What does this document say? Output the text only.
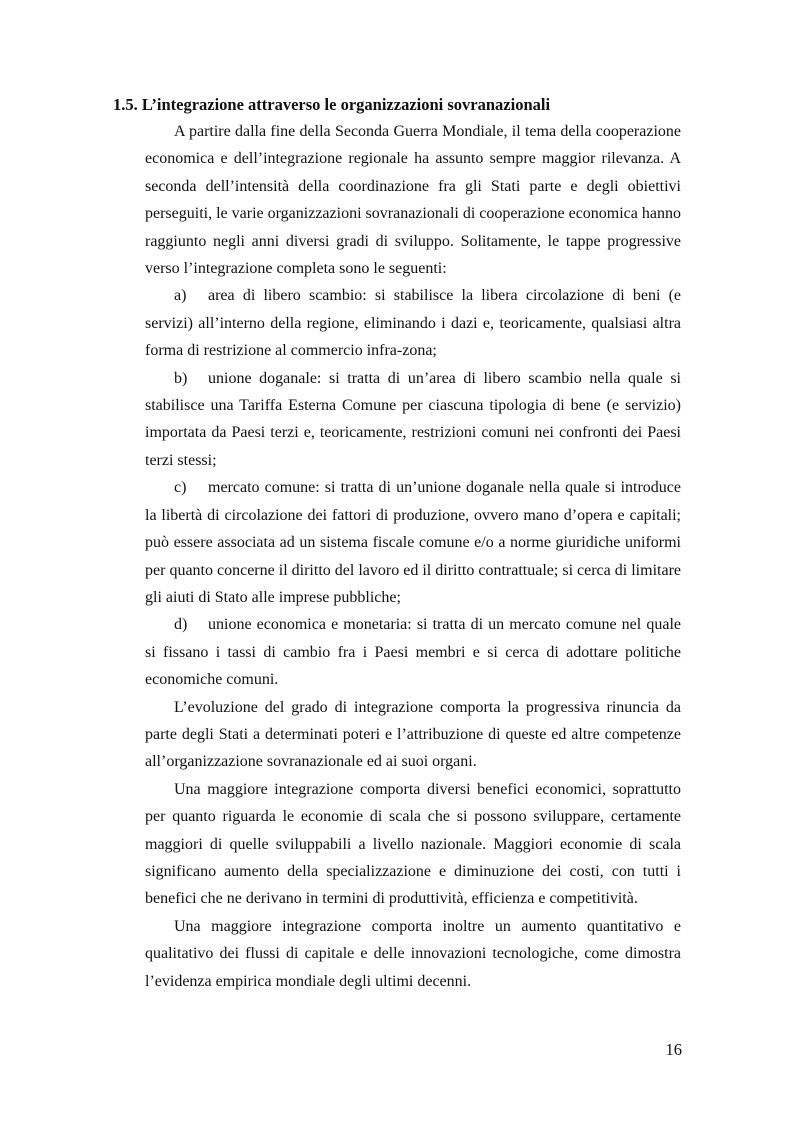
1.5. L’integrazione attraverso le organizzazioni sovranazionali

A partire dalla fine della Seconda Guerra Mondiale, il tema della cooperazione economica e dell’integrazione regionale ha assunto sempre maggior rilevanza. A seconda dell’intensità della coordinazione fra gli Stati parte e degli obiettivi perseguiti, le varie organizzazioni sovranazionali di cooperazione economica hanno raggiunto negli anni diversi gradi di sviluppo. Solitamente, le tappe progressive verso l’integrazione completa sono le seguenti:

a) area di libero scambio: si stabilisce la libera circolazione di beni (e servizi) all’interno della regione, eliminando i dazi e, teoricamente, qualsiasi altra forma di restrizione al commercio infra-zona;

b) unione doganale: si tratta di un’area di libero scambio nella quale si stabilisce una Tariffa Esterna Comune per ciascuna tipologia di bene (e servizio) importata da Paesi terzi e, teoricamente, restrizioni comuni nei confronti dei Paesi terzi stessi;

c) mercato comune: si tratta di un’unione doganale nella quale si introduce la libertà di circolazione dei fattori di produzione, ovvero mano d’opera e capitali; può essere associata ad un sistema fiscale comune e/o a norme giuridiche uniformi per quanto concerne il diritto del lavoro ed il diritto contrattuale; si cerca di limitare gli aiuti di Stato alle imprese pubbliche;

d) unione economica e monetaria: si tratta di un mercato comune nel quale si fissano i tassi di cambio fra i Paesi membri e si cerca di adottare politiche economiche comuni.

L’evoluzione del grado di integrazione comporta la progressiva rinuncia da parte degli Stati a determinati poteri e l’attribuzione di queste ed altre competenze all’organizzazione sovranazionale ed ai suoi organi.

Una maggiore integrazione comporta diversi benefici economici, soprattutto per quanto riguarda le economie di scala che si possono sviluppare, certamente maggiori di quelle sviluppabili a livello nazionale. Maggiori economie di scala significano aumento della specializzazione e diminuzione dei costi, con tutti i benefici che ne derivano in termini di produttività, efficienza e competitività.

Una maggiore integrazione comporta inoltre un aumento quantitativo e qualitativo dei flussi di capitale e delle innovazioni tecnologiche, come dimostra l’evidenza empirica mondiale degli ultimi decenni.

16
